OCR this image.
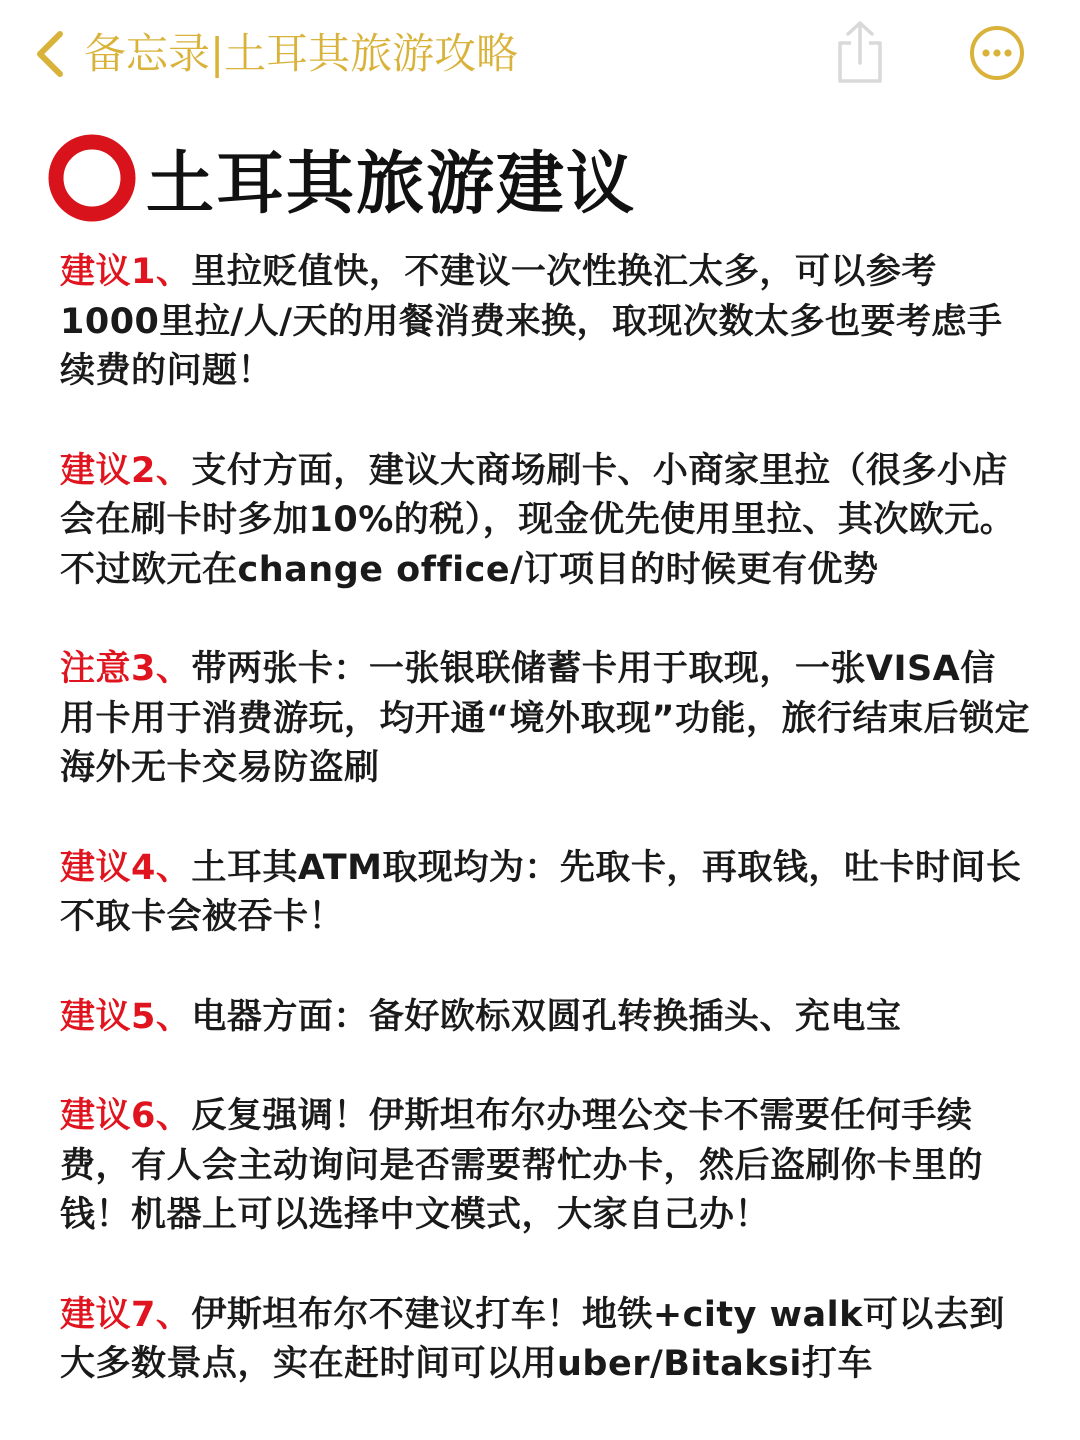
备忘录|土耳其旅游攻略
土耳其旅游建议

建议1、里拉贬值快，不建议一次性换汇太多，可以参考1000里拉/人/天的用餐消费来换，取现次数太多也要考虑手续费的问题！

建议2、支付方面，建议大商场刷卡、小商家里拉（很多小店会在刷卡时多加10%的税），现金优先使用里拉、其次欧元。不过欧元在change office/订项目的时候更有优势

注意3、带两张卡：一张银联储蓄卡用于取现，一张VISA信用卡用于消费游玩，均开通“境外取现”功能，旅行结束后锁定海外无卡交易防盗刷

建议4、土耳其ATM取现均为：先取卡，再取钱，吐卡时间长不取卡会被吞卡！

建议5、电器方面：备好欧标双圆孔转换插头、充电宝

建议6、反复强调！伊斯坦布尔办理公交卡不需要任何手续费，有人会主动询问是否需要帮忙办卡，然后盗刷你卡里的钱！机器上可以选择中文模式，大家自己办！

建议7、伊斯坦布尔不建议打车！地铁+city walk可以去到大多数景点，实在赶时间可以用uber/Bitaksi打车
